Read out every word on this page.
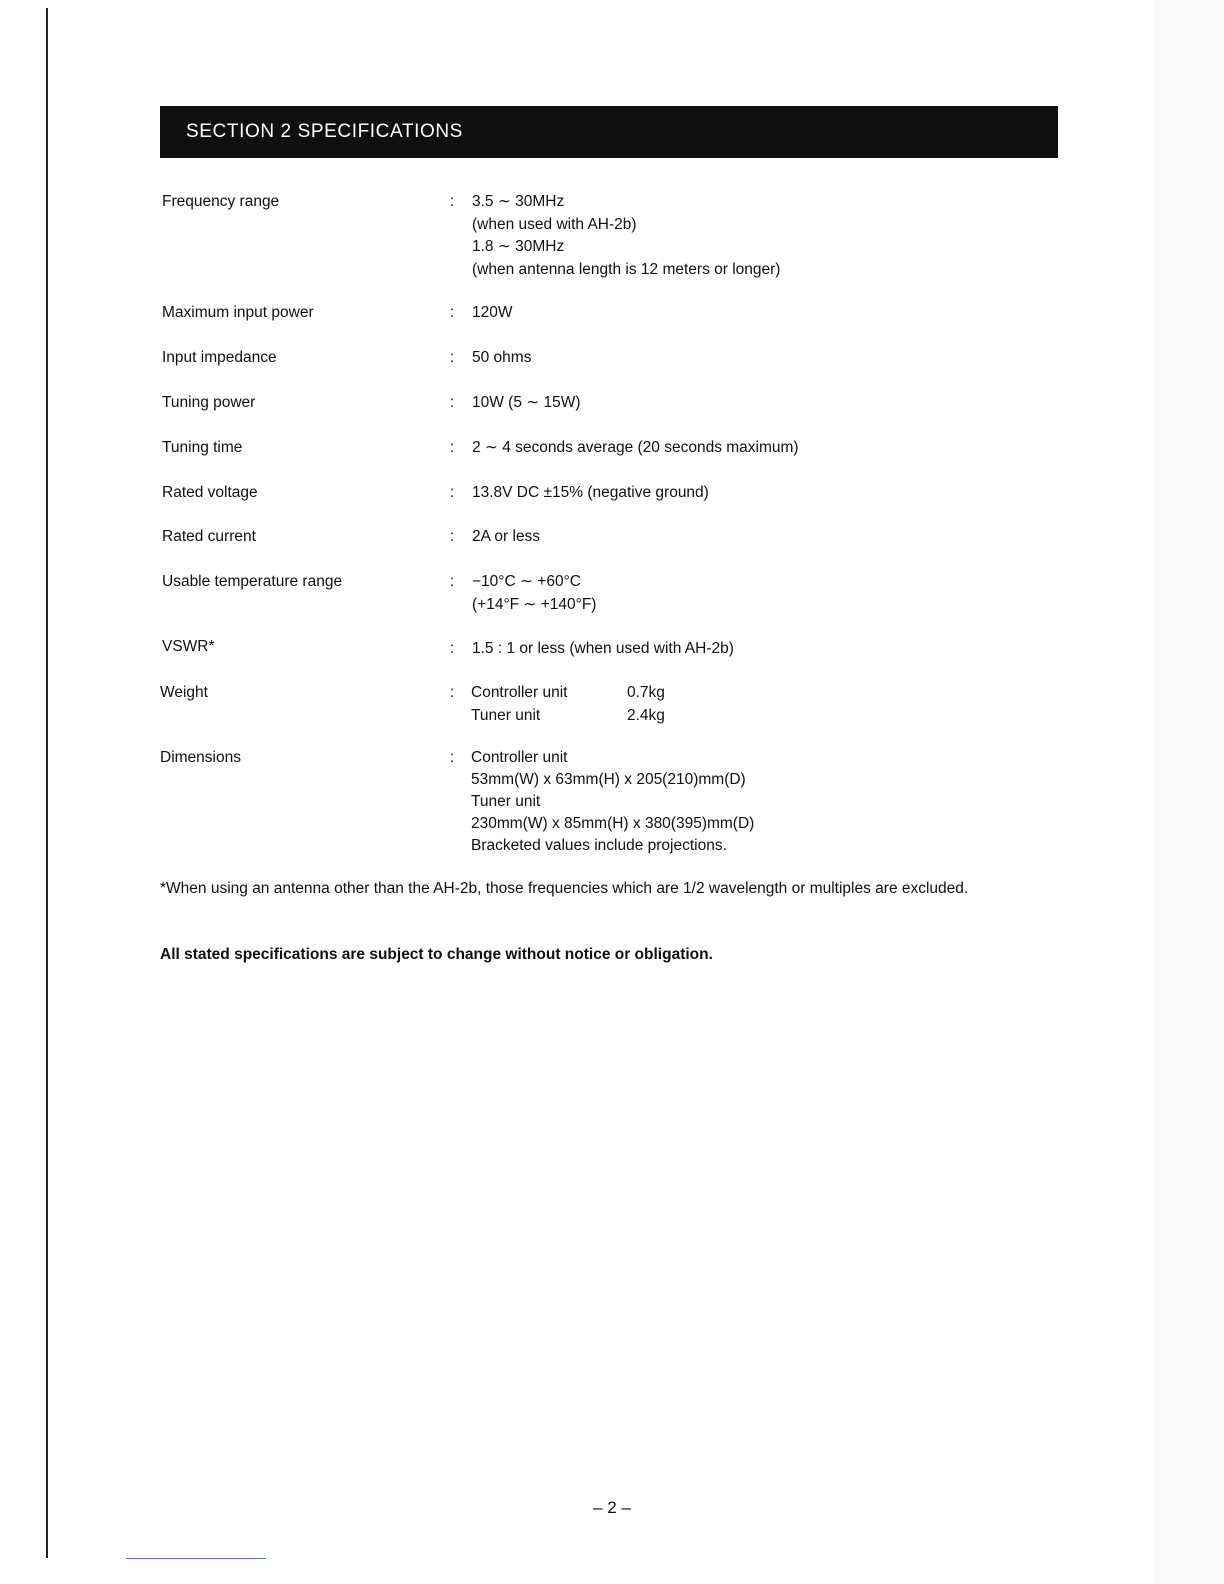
SECTION 2 SPECIFICATIONS
Frequency range	: 3.5 ∼ 30MHz
(when used with AH-2b)
1.8 ∼ 30MHz
(when antenna length is 12 meters or longer)
Maximum input power	: 120W
Input impedance	: 50 ohms
Tuning power	: 10W (5 ∼ 15W)
Tuning time	: 2 ∼ 4 seconds average (20 seconds maximum)
Rated voltage	: 13.8V DC ±15% (negative ground)
Rated current	: 2A or less
Usable temperature range	: −10°C ∼ +60°C
(+14°F ∼ +140°F)
VSWR*	: 1.5 : 1 or less (when used with AH-2b)
Weight	: Controller unit	0.7kg
Tuner unit	2.4kg
Dimensions	: Controller unit
53mm(W) x 63mm(H) x 205(210)mm(D)
Tuner unit
230mm(W) x 85mm(H) x 380(395)mm(D)
Bracketed values include projections.
*When using an antenna other than the AH-2b, those frequencies which are 1/2 wavelength or multiples are excluded.
All stated specifications are subject to change without notice or obligation.
– 2 –
